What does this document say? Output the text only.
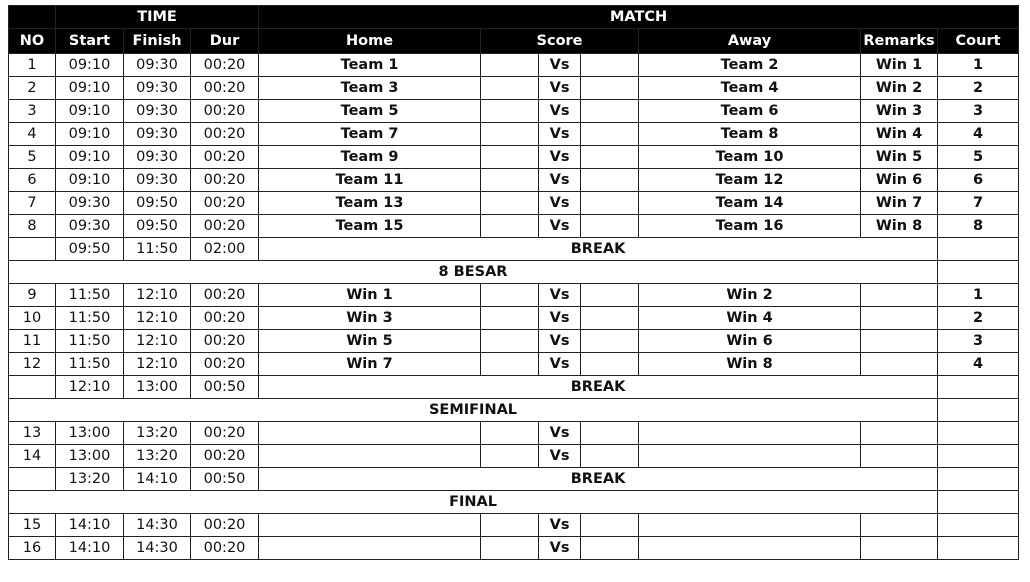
	TIME			MATCH						
NO	Start	Finish	Dur	Home	Score			Away	Remarks	Court
1	09:10	09:30	00:20	Team 1		Vs		Team 2	Win 1	1
2	09:10	09:30	00:20	Team 3		Vs		Team 4	Win 2	2
3	09:10	09:30	00:20	Team 5		Vs		Team 6	Win 3	3
4	09:10	09:30	00:20	Team 7		Vs		Team 8	Win 4	4
5	09:10	09:30	00:20	Team 9		Vs		Team 10	Win 5	5
6	09:10	09:30	00:20	Team 11		Vs		Team 12	Win 6	6
7	09:30	09:50	00:20	Team 13		Vs		Team 14	Win 7	7
8	09:30	09:50	00:20	Team 15		Vs		Team 16	Win 8	8
	09:50	11:50	02:00	BREAK						
8 BESAR										
9	11:50	12:10	00:20	Win 1		Vs		Win 2		1
10	11:50	12:10	00:20	Win 3		Vs		Win 4		2
11	11:50	12:10	00:20	Win 5		Vs		Win 6		3
12	11:50	12:10	00:20	Win 7		Vs		Win 8		4
	12:10	13:00	00:50	BREAK						
SEMIFINAL										
13	13:00	13:20	00:20			Vs				
14	13:00	13:20	00:20			Vs				
	13:20	14:10	00:50	BREAK						
FINAL										
15	14:10	14:30	00:20			Vs				
16	14:10	14:30	00:20			Vs				
